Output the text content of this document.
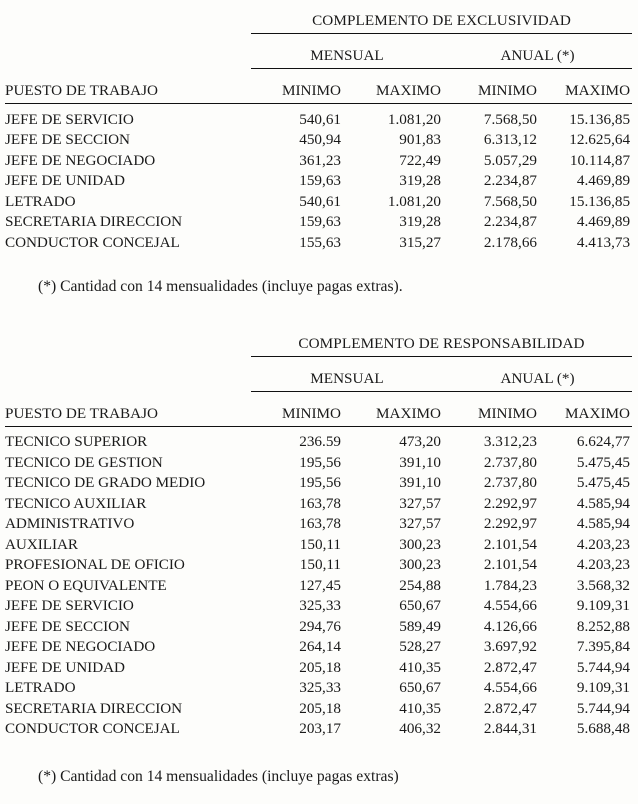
	COMPLEMENTO DE EXCLUSIVIDAD			
	MENSUAL		ANUAL (*)	
PUESTO DE TRABAJO	MINIMO	MAXIMO	MINIMO	MAXIMO
JEFE DE SERVICIO	540,61	1.081,20	7.568,50	15.136,85
JEFE DE SECCION	450,94	901,83	6.313,12	12.625,64
JEFE DE NEGOCIADO	361,23	722,49	5.057,29	10.114,87
JEFE DE UNIDAD	159,63	319,28	2.234,87	4.469,89
LETRADO	540,61	1.081,20	7.568,50	15.136,85
SECRETARIA DIRECCION	159,63	319,28	2.234,87	4.469,89
CONDUCTOR CONCEJAL	155,63	315,27	2.178,66	4.413,73
(*) Cantidad con 14 mensualidades (incluye pagas extras).
	COMPLEMENTO DE RESPONSABILIDAD			
	MENSUAL		ANUAL (*)	
PUESTO DE TRABAJO	MINIMO	MAXIMO	MINIMO	MAXIMO
TECNICO SUPERIOR	236.59	473,20	3.312,23	6.624,77
TECNICO DE GESTION	195,56	391,10	2.737,80	5.475,45
TECNICO DE GRADO MEDIO	195,56	391,10	2.737,80	5.475,45
TECNICO AUXILIAR	163,78	327,57	2.292,97	4.585,94
ADMINISTRATIVO	163,78	327,57	2.292,97	4.585,94
AUXILIAR	150,11	300,23	2.101,54	4.203,23
PROFESIONAL DE OFICIO	150,11	300,23	2.101,54	4.203,23
PEON O EQUIVALENTE	127,45	254,88	1.784,23	3.568,32
JEFE DE SERVICIO	325,33	650,67	4.554,66	9.109,31
JEFE DE SECCION	294,76	589,49	4.126,66	8.252,88
JEFE DE NEGOCIADO	264,14	528,27	3.697,92	7.395,84
JEFE DE UNIDAD	205,18	410,35	2.872,47	5.744,94
LETRADO	325,33	650,67	4.554,66	9.109,31
SECRETARIA DIRECCION	205,18	410,35	2.872,47	5.744,94
CONDUCTOR CONCEJAL	203,17	406,32	2.844,31	5.688,48
(*) Cantidad con 14 mensualidades (incluye pagas extras)
